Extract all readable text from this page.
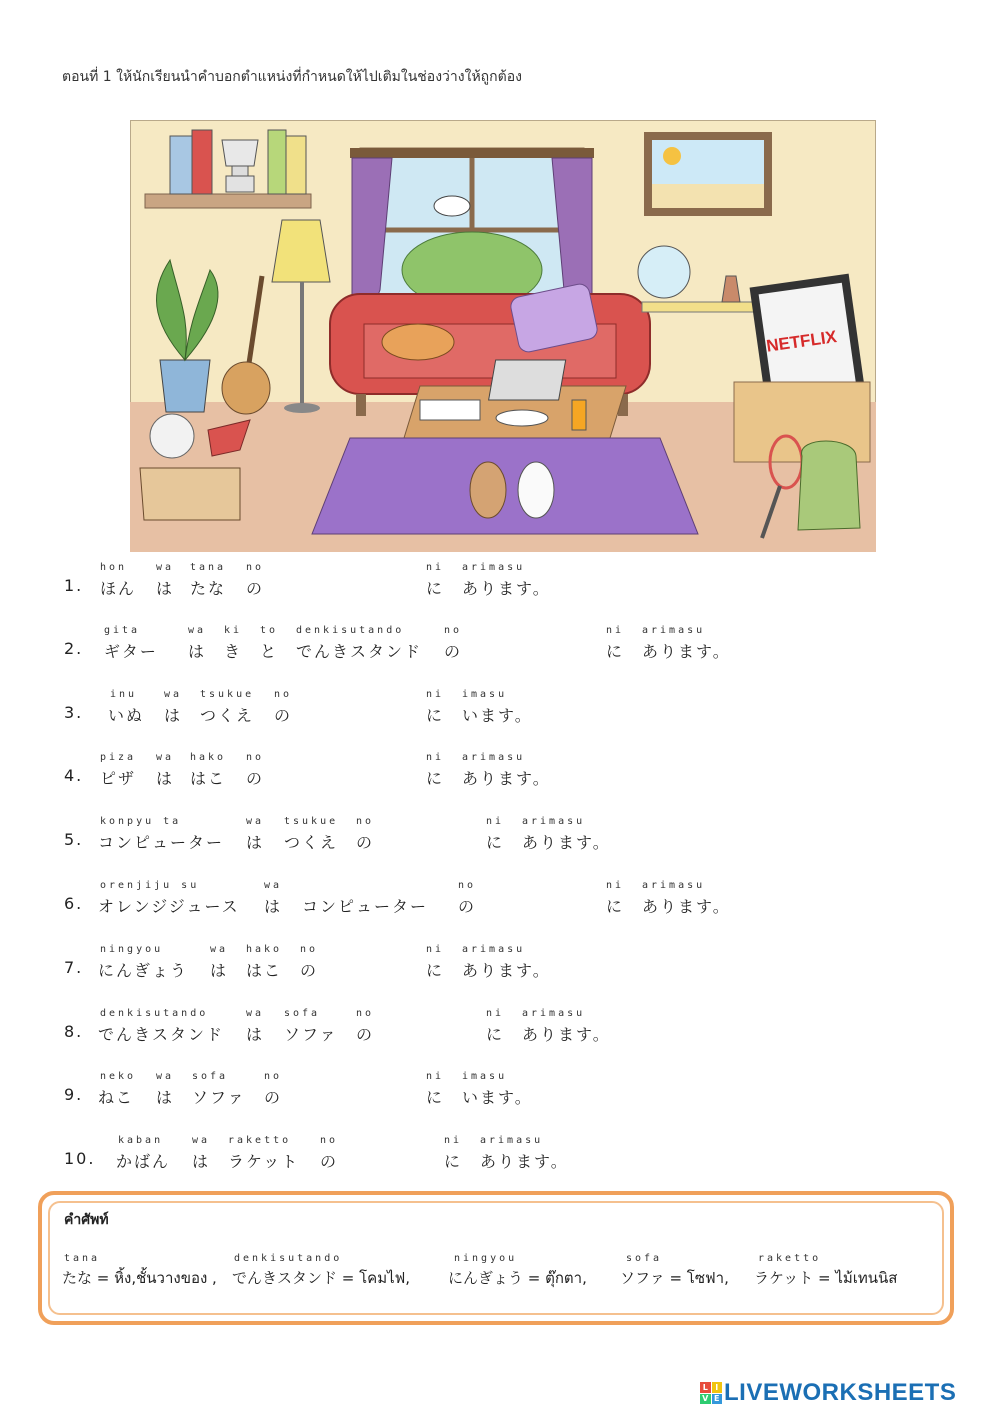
ตอนที่ 1 ให้นักเรียนนำคำบอกตำแหน่งที่กำหนดให้ไปเติมในช่องว่างให้ถูกต้อง
NETFLIX
hon	wa tana no	ni arimasu
1. ほん は たな の	に あります。
gita	wa ki to denkisutando	no	ni arimasu
2. ギター は き と でんきスタンド の	に あります。
inu	wa tsukue no	ni imasu
3. いぬ は つくえ の	に います。
piza wa hako no	ni arimasu
4. ピザ は はこ の	に あります。
konpyu ta	wa tsukue no	ni arimasu
5. コンピューター は つくえ の	に あります。
orenjiju su	wa	no	ni arimasu
6. オレンジジュース は コンピューター の	に あります。
ningyou	wa hako no	ni arimasu
7. にんぎょう は はこ の	に あります。
denkisutando	wa sofa	no	ni arimasu
8. でんきスタンド は ソファ の	に あります。
neko wa sofa	no	ni imasu
9. ねこ は ソファ の	に います。
kaban	wa raketto	no	ni arimasu
10. かばん は ラケット の	に あります。
คำศัพท์
tana	denkisutando	ningyou	sofa	raketto
たな = หิ้ง,ชั้นวางของ , でんきスタンド = โคมไฟ,	にんぎょう = ตุ๊กตา, ソファ = โซฟา, ラケット = ไม้เทนนิส
L I
V E LIVEWORKSHEETS
